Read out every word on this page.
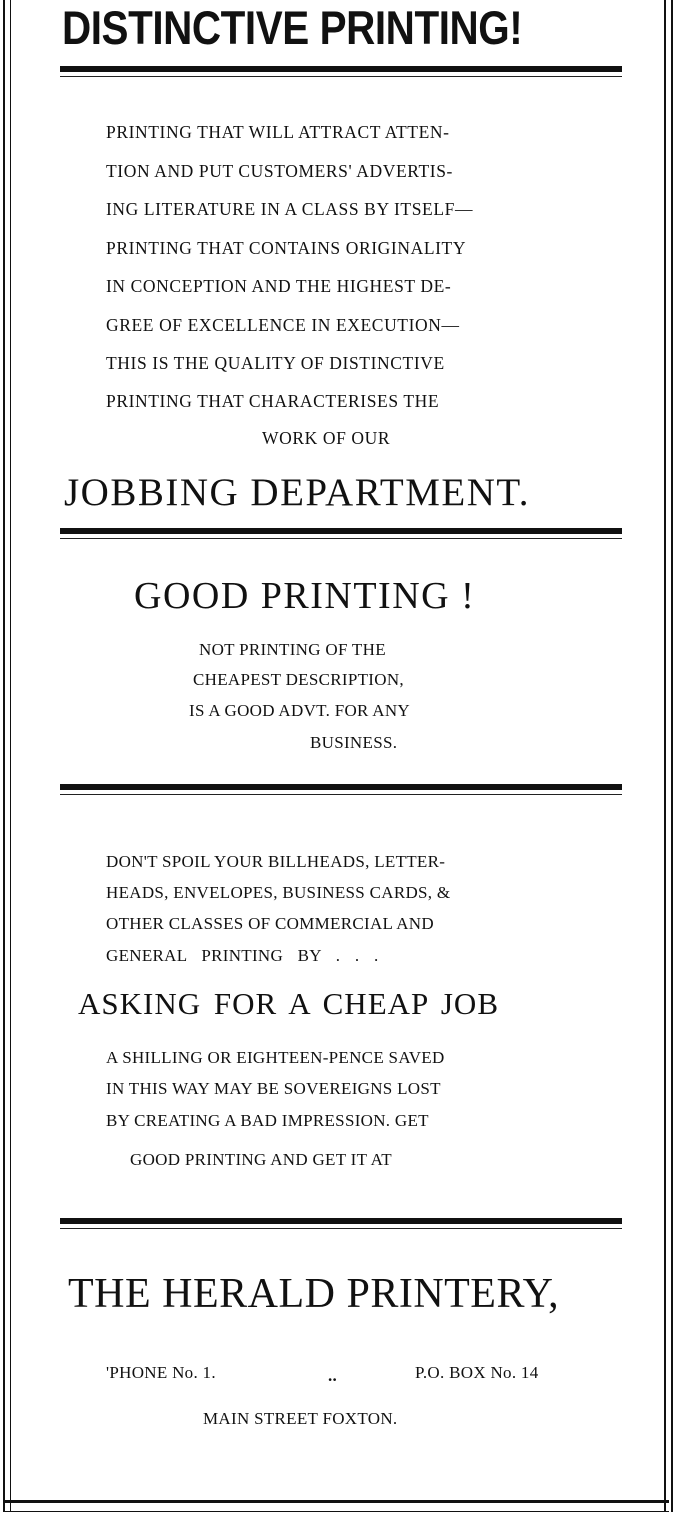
DISTINCTIVE PRINTING!
PRINTING THAT WILL ATTRACT ATTEN-
TION AND PUT CUSTOMERS' ADVERTIS-
ING LITERATURE IN A CLASS BY ITSELF—
PRINTING THAT CONTAINS ORIGINALITY
IN CONCEPTION AND THE HIGHEST DE-
GREE OF EXCELLENCE IN EXECUTION—
THIS IS THE QUALITY OF DISTINCTIVE
PRINTING THAT CHARACTERISES THE
WORK OF OUR
JOBBING DEPARTMENT.
GOOD PRINTING !
NOT PRINTING OF THE
CHEAPEST DESCRIPTION,
IS A GOOD ADVT. FOR ANY
BUSINESS.
DON'T SPOIL YOUR BILLHEADS, LETTER-
HEADS, ENVELOPES, BUSINESS CARDS, &
OTHER CLASSES OF COMMERCIAL AND
GENERAL PRINTING BY . . .
ASKING FOR A CHEAP JOB
A SHILLING OR EIGHTEEN-PENCE SAVED
IN THIS WAY MAY BE SOVEREIGNS LOST
BY CREATING A BAD IMPRESSION. GET
GOOD PRINTING AND GET IT AT
THE HERALD PRINTERY,
'PHONE No. 1.	..	P.O. BOX No. 14
MAIN STREET FOXTON.
